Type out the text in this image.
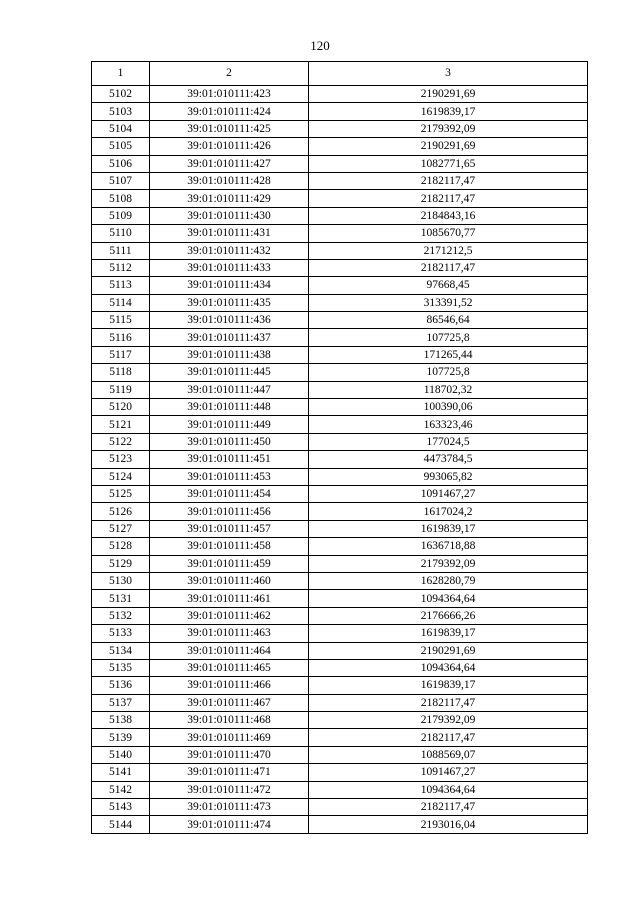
120
1	2	3
5102	39:01:010111:423	2190291,69
5103	39:01:010111:424	1619839,17
5104	39:01:010111:425	2179392,09
5105	39:01:010111:426	2190291,69
5106	39:01:010111:427	1082771,65
5107	39:01:010111:428	2182117,47
5108	39:01:010111:429	2182117,47
5109	39:01:010111:430	2184843,16
5110	39:01:010111:431	1085670,77
5111	39:01:010111:432	2171212,5
5112	39:01:010111:433	2182117,47
5113	39:01:010111:434	97668,45
5114	39:01:010111:435	313391,52
5115	39:01:010111:436	86546,64
5116	39:01:010111:437	107725,8
5117	39:01:010111:438	171265,44
5118	39:01:010111:445	107725,8
5119	39:01:010111:447	118702,32
5120	39:01:010111:448	100390,06
5121	39:01:010111:449	163323,46
5122	39:01:010111:450	177024,5
5123	39:01:010111:451	4473784,5
5124	39:01:010111:453	993065,82
5125	39:01:010111:454	1091467,27
5126	39:01:010111:456	1617024,2
5127	39:01:010111:457	1619839,17
5128	39:01:010111:458	1636718,88
5129	39:01:010111:459	2179392,09
5130	39:01:010111:460	1628280,79
5131	39:01:010111:461	1094364,64
5132	39:01:010111:462	2176666,26
5133	39:01:010111:463	1619839,17
5134	39:01:010111:464	2190291,69
5135	39:01:010111:465	1094364,64
5136	39:01:010111:466	1619839,17
5137	39:01:010111:467	2182117,47
5138	39:01:010111:468	2179392,09
5139	39:01:010111:469	2182117,47
5140	39:01:010111:470	1088569,07
5141	39:01:010111:471	1091467,27
5142	39:01:010111:472	1094364,64
5143	39:01:010111:473	2182117,47
5144	39:01:010111:474	2193016,04
